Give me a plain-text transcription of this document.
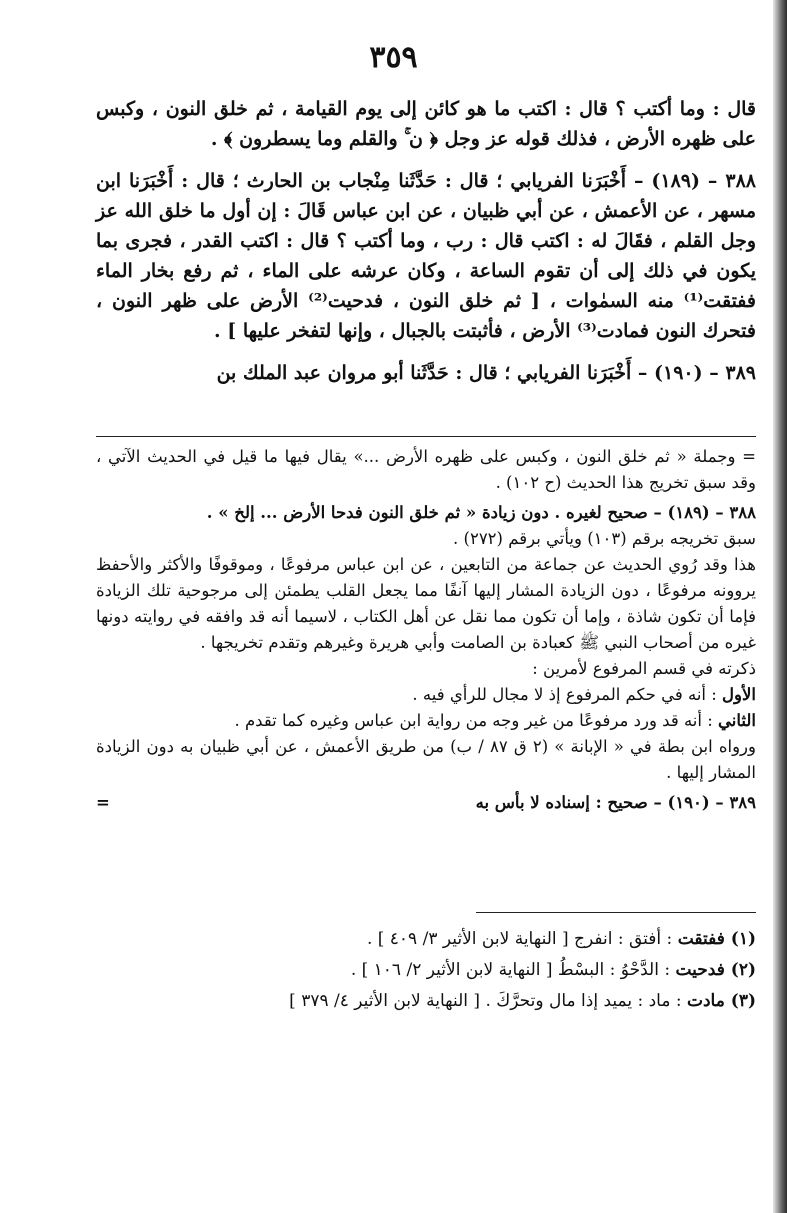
٣٥٩

قال : وما أكتب ؟ قال : اكتب ما هو كائن إلى يوم القيامة ، ثم خلق النون ، وكبس على ظهره الأرض ، فذلك قوله عز وجل ﴿ ن ۚ والقلم وما يسطرون ﴾ .

٣٨٨ – (١٨٩) – أَخْبَرَنا الفريابي ؛ قال : حَدَّثَنا مِنْجاب بن الحارث ؛ قال : أَخْبَرَنا ابن مسهر ، عن الأعمش ، عن أبي ظبيان ، عن ابن عباس قَالَ : إن أول ما خلق الله عز وجل القلم ، فقَالَ له : اكتب قال : رب ، وما أكتب ؟ قال : اكتب القدر ، فجرى بما يكون في ذلك إلى أن تقوم الساعة ، وكان عرشه على الماء ، ثم رفع بخار الماء ففتقت⁽¹⁾ منه السمٰوات ، [ ثم خلق النون ، فدحيت⁽²⁾ الأرض على ظهر النون ، فتحرك النون فمادت⁽³⁾ الأرض ، فأثبتت بالجبال ، وإنها لتفخر عليها ] .

٣٨٩ – (١٩٠) – أَخْبَرَنا الفريابي ؛ قال : حَدَّثَنا أبو مروان عبد الملك بن

= وجملة « ثم خلق النون ، وكبس على ظهره الأرض ...» يقال فيها ما قيل في الحديث الآتي ، وقد سبق تخريج هذا الحديث (ح ١٠٢) .

٣٨٨ – (١٨٩) – صحيح لغيره . دون زيادة « ثم خلق النون فدحا الأرض ... إلخ » .

سبق تخريجه برقم (١٠٣) ويأتي برقم (٢٧٢) .

هذا وقد رُوي الحديث عن جماعة من التابعين ، عن ابن عباس مرفوعًا ، وموقوفًا والأكثر والأحفظ يروونه مرفوعًا ، دون الزيادة المشار إليها آنفًا مما يجعل القلب يطمئن إلى مرجوحية تلك الزيادة فإما أن تكون شاذة ، وإما أن تكون مما نقل عن أهل الكتاب ، لاسيما أنه قد وافقه في روايته دونها غيره من أصحاب النبي ﷺ كعبادة بن الصامت وأبي هريرة وغيرهم وتقدم تخريجها .

ذكرته في قسم المرفوع لأمرين :

الأول : أنه في حكم المرفوع إذ لا مجال للرأي فيه .

الثاني : أنه قد ورد مرفوعًا من غير وجه من رواية ابن عباس وغيره كما تقدم .

ورواه ابن بطة في « الإبانة » (٢ ق ٨٧ / ب) من طريق الأعمش ، عن أبي ظبيان به دون الزيادة المشار إليها .

٣٨٩ – (١٩٠) – صحيح : إسناده لا بأس به
=

(١) ففتقت : أفتق : انفرج [ النهاية لابن الأثير ٣/ ٤٠٩ ] .

(٢) فدحيت : الدَّحْوُ : البسْطُ [ النهاية لابن الأثير ٢/ ١٠٦ ] .

(٣) مادت : ماد : يميد إذا مال وتحرَّكَ . [ النهاية لابن الأثير ٤/ ٣٧٩ ]
